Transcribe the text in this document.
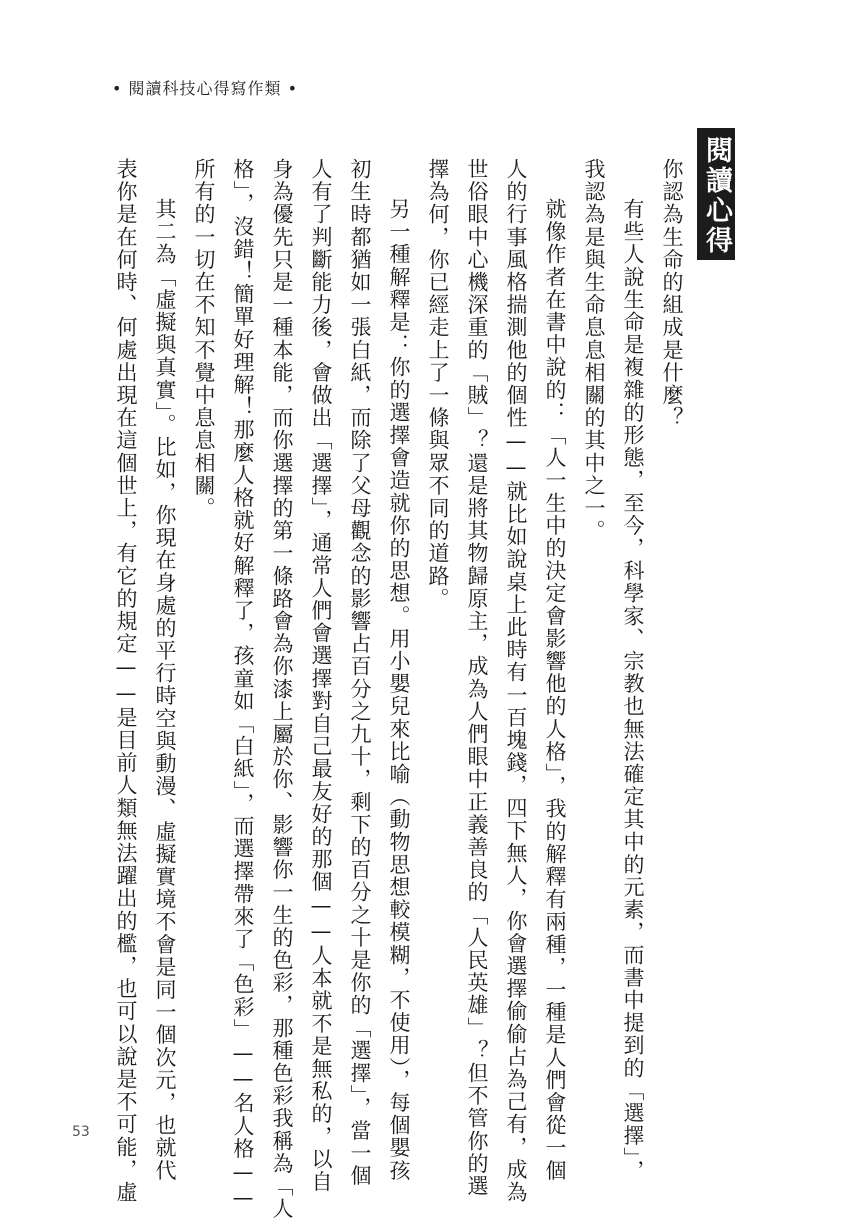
• 閱讀科技心得寫作類 •
閱讀心得
你認為生命的組成是什麼？
有些人說生命是複雜的形態，至今，科學家、宗教也無法確定其中的元素，而書中提到的「選擇」，
我認為是與生命息息相關的其中之一。
就像作者在書中說的：「人一生中的決定會影響他的人格」，我的解釋有兩種，一種是人們會從一個
人的行事風格揣測他的個性——就比如說桌上此時有一百塊錢，四下無人，你會選擇偷偷占為己有，成為
世俗眼中心機深重的「賊」？還是將其物歸原主，成為人們眼中正義善良的「人民英雄」？但不管你的選
擇為何，你已經走上了一條與眾不同的道路。
另一種解釋是：你的選擇會造就你的思想。用小嬰兒來比喻（動物思想較模糊，不使用），每個嬰孩
初生時都猶如一張白紙，而除了父母觀念的影響占百分之九十，剩下的百分之十是你的「選擇」，當一個
人有了判斷能力後，會做出「選擇」，通常人們會選擇對自己最友好的那個——人本就不是無私的，以自
身為優先只是一種本能，而你選擇的第一條路會為你漆上屬於你、影響你一生的色彩，那種色彩我稱為「人
格」，沒錯！簡單好理解！那麼人格就好解釋了，孩童如「白紙」，而選擇帶來了「色彩」——名人格——
所有的一切在不知不覺中息息相關。
其二為「虛擬與真實」。比如，你現在身處的平行時空與動漫、虛擬實境不會是同一個次元，也就代
表你是在何時、何處出現在這個世上，有它的規定——是目前人類無法躍出的檻，也可以說是不可能，虛
53
